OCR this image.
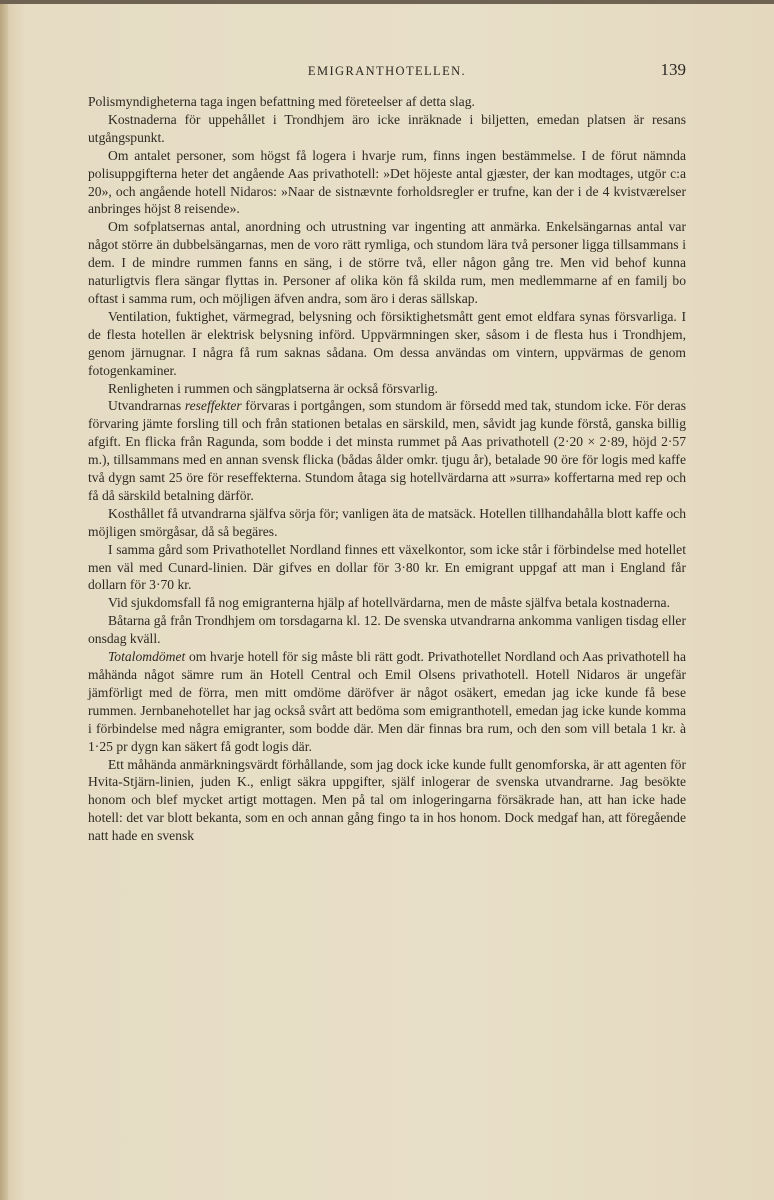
EMIGRANTHOTELLEN.	139

Polismyndigheterna taga ingen befattning med företeelser af detta slag.

Kostnaderna för uppehållet i Trondhjem äro icke inräknade i biljetten, emedan platsen är resans utgångspunkt.

Om antalet personer, som högst få logera i hvarje rum, finns ingen bestämmelse. I de förut nämnda polisuppgifterna heter det angående Aas privathotell: »Det höjeste antal gjæster, der kan modtages, utgör c:a 20», och angående hotell Nidaros: »Naar de sistnævnte forholdsregler er trufne, kan der i de 4 kvistværelser anbringes höjst 8 reisende».

Om sofplatsernas antal, anordning och utrustning var ingenting att anmärka. Enkelsängarnas antal var något större än dubbelsängarnas, men de voro rätt rymliga, och stundom lära två personer ligga tillsammans i dem. I de mindre rummen fanns en säng, i de större två, eller någon gång tre. Men vid behof kunna naturligtvis flera sängar flyttas in. Personer af olika kön få skilda rum, men medlemmarne af en familj bo oftast i samma rum, och möjligen äfven andra, som äro i deras sällskap.

Ventilation, fuktighet, värmegrad, belysning och försiktighetsmått gent emot eldfara synas försvarliga. I de flesta hotellen är elektrisk belysning införd. Uppvärmningen sker, såsom i de flesta hus i Trondhjem, genom järnugnar. I några få rum saknas sådana. Om dessa användas om vintern, uppvärmas de genom fotogenkaminer.

Renligheten i rummen och sängplatserna är också försvarlig.

Utvandrarnas reseffekter förvaras i portgången, som stundom är försedd med tak, stundom icke. För deras förvaring jämte forsling till och från stationen betalas en särskild, men, såvidt jag kunde förstå, ganska billig afgift. En flicka från Ragunda, som bodde i det minsta rummet på Aas privathotell (2·20 × 2·89, höjd 2·57 m.), tillsammans med en annan svensk flicka (bådas ålder omkr. tjugu år), betalade 90 öre för logis med kaffe två dygn samt 25 öre för reseffekterna. Stundom åtaga sig hotellvärdarna att »surra» koffertarna med rep och få då särskild betalning därför.

Kosthållet få utvandrarna själfva sörja för; vanligen äta de matsäck. Hotellen tillhandahålla blott kaffe och möjligen smörgåsar, då så begäres.

I samma gård som Privathotellet Nordland finnes ett växelkontor, som icke står i förbindelse med hotellet men väl med Cunard-linien. Där gifves en dollar för 3·80 kr. En emigrant uppgaf att man i England får dollarn för 3·70 kr.

Vid sjukdomsfall få nog emigranterna hjälp af hotellvärdarna, men de måste själfva betala kostnaderna.

Båtarna gå från Trondhjem om torsdagarna kl. 12. De svenska utvandrarna ankomma vanligen tisdag eller onsdag kväll.

Totalomdömet om hvarje hotell för sig måste bli rätt godt. Privathotellet Nordland och Aas privathotell ha måhända något sämre rum än Hotell Central och Emil Olsens privathotell. Hotell Nidaros är ungefär jämförligt med de förra, men mitt omdöme däröfver är något osäkert, emedan jag icke kunde få bese rummen. Jernbanehotellet har jag också svårt att bedöma som emigranthotell, emedan jag icke kunde komma i förbindelse med några emigranter, som bodde där. Men där finnas bra rum, och den som vill betala 1 kr. à 1·25 pr dygn kan säkert få godt logis där.

Ett måhända anmärkningsvärdt förhållande, som jag dock icke kunde fullt genomforska, är att agenten för Hvita-Stjärn-linien, juden K., enligt säkra uppgifter, själf inlogerar de svenska utvandrarne. Jag besökte honom och blef mycket artigt mottagen. Men på tal om inlogeringarna försäkrade han, att han icke hade hotell: det var blott bekanta, som en och annan gång fingo ta in hos honom. Dock medgaf han, att föregående natt hade en svensk
